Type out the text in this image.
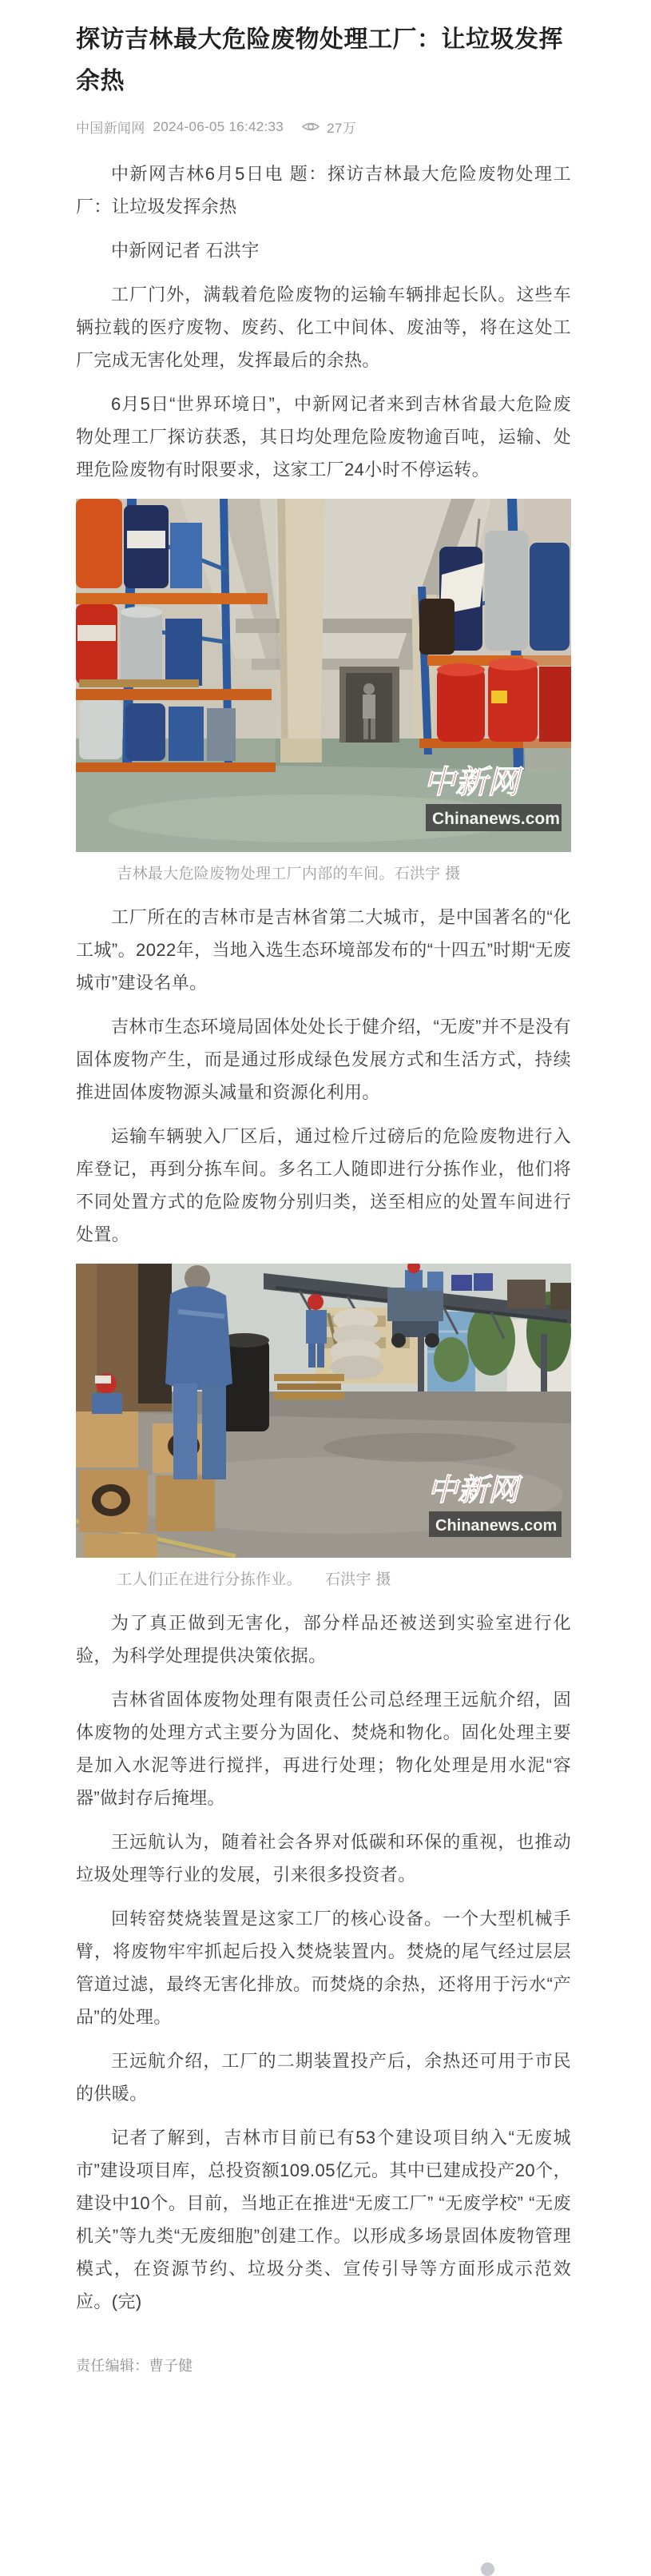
探访吉林最大危险废物处理工厂：让垃圾发挥余热
中国新闻网 2024-06-05 16:42:33	27万

中新网吉林6月5日电 题：探访吉林最大危险废物处理工厂：让垃圾发挥余热

中新网记者 石洪宇

工厂门外，满载着危险废物的运输车辆排起长队。这些车辆拉载的医疗废物、废药、化工中间体、废油等，将在这处工厂完成无害化处理，发挥最后的余热。

6月5日“世界环境日”，中新网记者来到吉林省最大危险废物处理工厂探访获悉，其日均处理危险废物逾百吨，运输、处理危险废物有时限要求，这家工厂24小时不停运转。

中新网
Chinanews.com
吉林最大危险废物处理工厂内部的车间。石洪宇 摄

工厂所在的吉林市是吉林省第二大城市，是中国著名的“化工城”。2022年，当地入选生态环境部发布的“十四五”时期“无废城市”建设名单。

吉林市生态环境局固体处处长于健介绍，“无废”并不是没有固体废物产生，而是通过形成绿色发展方式和生活方式，持续推进固体废物源头减量和资源化利用。

运输车辆驶入厂区后，通过检斤过磅后的危险废物进行入库登记，再到分拣车间。多名工人随即进行分拣作业，他们将不同处置方式的危险废物分别归类，送至相应的处置车间进行处置。

中新网
Chinanews.com
工人们正在进行分拣作业。　　石洪宇 摄

为了真正做到无害化，部分样品还被送到实验室进行化验，为科学处理提供决策依据。

吉林省固体废物处理有限责任公司总经理王远航介绍，固体废物的处理方式主要分为固化、焚烧和物化。固化处理主要是加入水泥等进行搅拌，再进行处理；物化处理是用水泥“容器”做封存后掩埋。

王远航认为，随着社会各界对低碳和环保的重视，也推动垃圾处理等行业的发展，引来很多投资者。

回转窑焚烧装置是这家工厂的核心设备。一个大型机械手臂，将废物牢牢抓起后投入焚烧装置内。焚烧的尾气经过层层管道过滤，最终无害化排放。而焚烧的余热，还将用于污水“产品”的处理。

王远航介绍，工厂的二期装置投产后，余热还可用于市民的供暖。

记者了解到，吉林市目前已有53个建设项目纳入“无废城市”建设项目库，总投资额109.05亿元。其中已建成投产20个，建设中10个。目前，当地正在推进“无废工厂” “无废学校” “无废机关”等九类“无废细胞”创建工作。以形成多场景固体废物管理模式，在资源节约、垃圾分类、宣传引导等方面形成示范效应。(完)

责任编辑：曹子健
